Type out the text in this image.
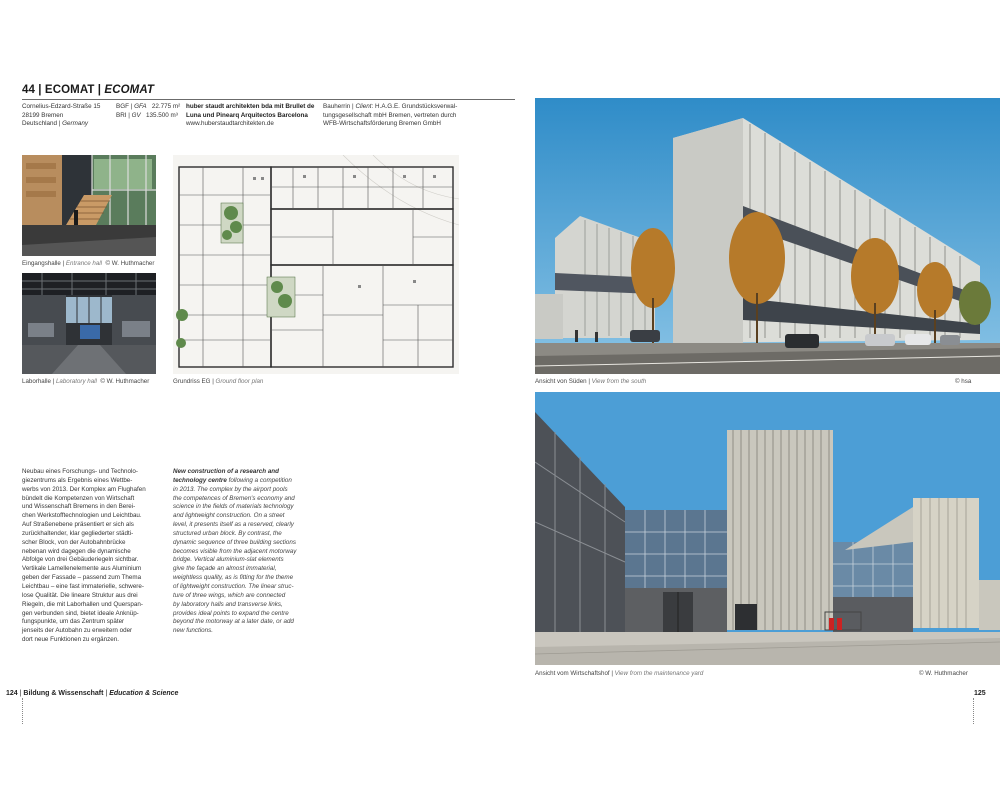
44 | ECOMAT | ECOMAT
Cornelius-Edzard-Straße 15
28199 Bremen
Deutschland | Germany
BGF | GFA 22.775 m²
BRI | GV 135.500 m³
huber staudt architekten bda mit Brullet de
Luna und Pinearq Arquitectos Barcelona
www.huberstaudtarchitekten.de
Bauherrin | Client: H.A.G.E. Grundstücksverwal-
tungsgesellschaft mbH Bremen, vertreten durch
WFB-Wirtschaftsförderung Bremen GmbH
Eingangshalle | Entrance hall © W. Huthmacher
Laborhalle | Laboratory hall © W. Huthmacher	Grundriss EG | Ground floor plan	Ansicht von Süden | View from the south	© hsa
Ansicht vom Wirtschaftshof | View from the maintenance yard	© W. Huthmacher
Neubau eines Forschungs- und Technolo-
giezentrums als Ergebnis eines Wettbe-
werbs von 2013. Der Komplex am Flughafen
bündelt die Kompetenzen von Wirtschaft
und Wissenschaft Bremens in den Berei-
chen Werkstofftechnologien und Leichtbau.
Auf Straßenebene präsentiert er sich als
zurückhaltender, klar gegliederter städti-
scher Block, von der Autobahnbrücke
nebenan wird dagegen die dynamische
Abfolge von drei Gebäuderiegeln sichtbar.
Vertikale Lamellenelemente aus Aluminium
geben der Fassade – passend zum Thema
Leichtbau – eine fast immaterielle, schwere-
lose Qualität. Die lineare Struktur aus drei
Riegeln, die mit Laborhallen und Querspan-
gen verbunden sind, bietet ideale Anknüp-
fungspunkte, um das Zentrum später
jenseits der Autobahn zu erweitern oder
dort neue Funktionen zu ergänzen.
New construction of a research and
technology centre following a competition
in 2013. The complex by the airport pools
the competences of Bremen's economy and
science in the fields of materials technology
and lightweight construction. On a street
level, it presents itself as a reserved, clearly
structured urban block. By contrast, the
dynamic sequence of three building sections
becomes visible from the adjacent motorway
bridge. Vertical aluminium-slat elements
give the façade an almost immaterial,
weightless quality, as is fitting for the theme
of lightweight construction. The linear struc-
ture of three wings, which are connected
by laboratory halls and transverse links,
provides ideal points to expand the centre
beyond the motorway at a later date, or add
new functions.
124 | Bildung & Wissenschaft | Education & Science	125
